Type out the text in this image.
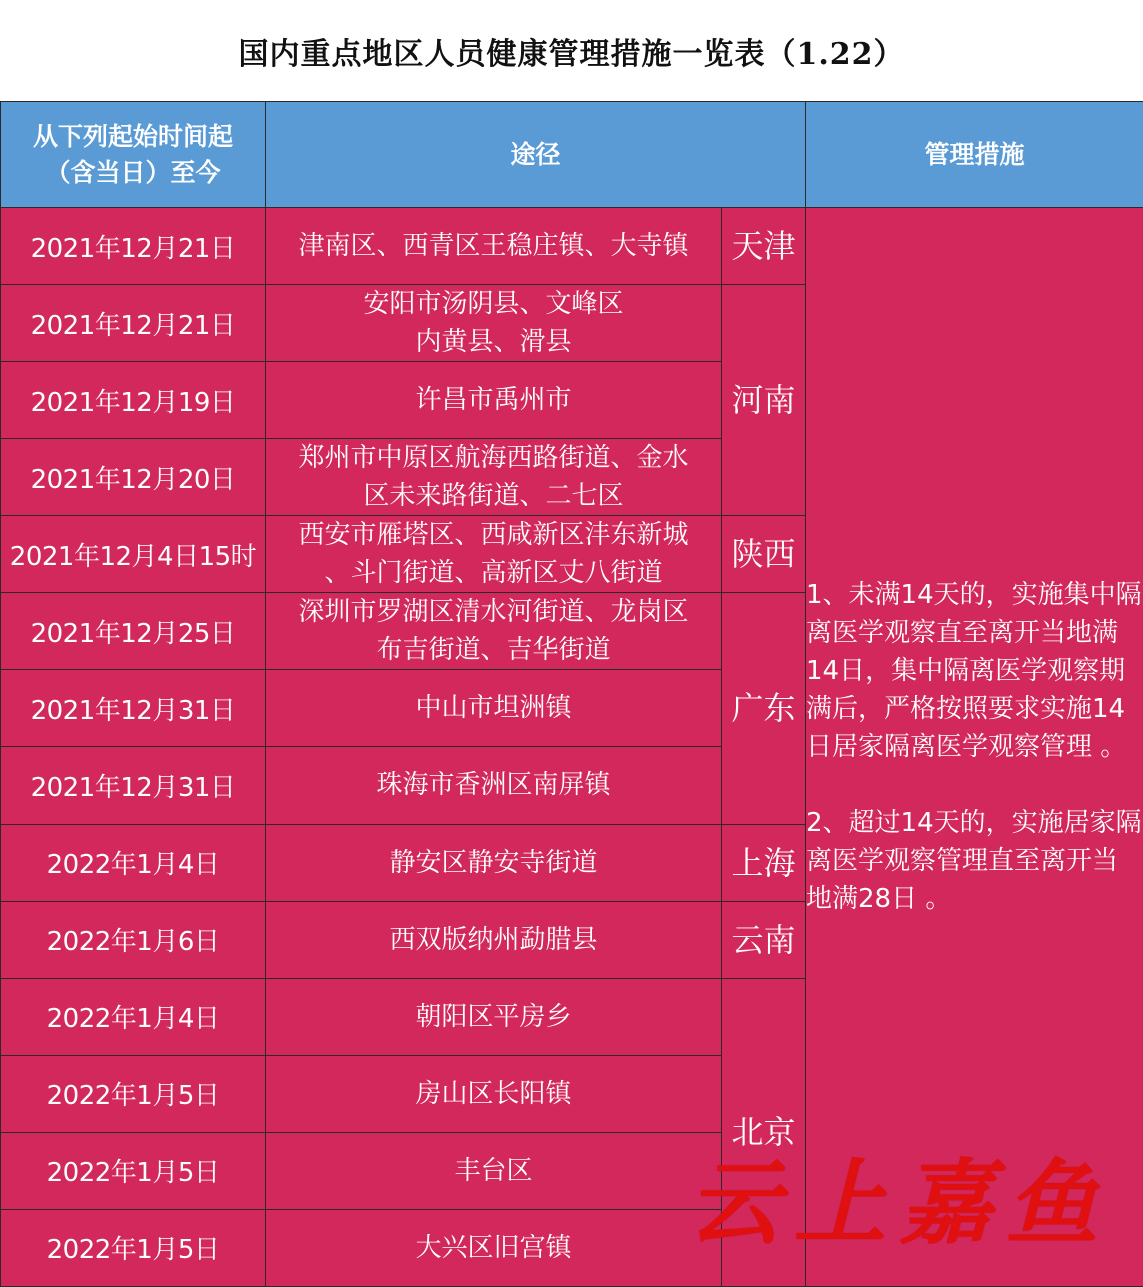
国内重点地区人员健康管理措施一览表（1.22）
从下列起始时间起
（含当日）至今	途径		管理措施
2021年12月21日	津南区、西青区王稳庄镇、大寺镇	天津	1、未满14天的，实施集中隔离医学观察直至离开当地满14日，集中隔离医学观察期满后，严格按照要求实施14日居家隔离医学观察管理 。
2、超过14天的，实施居家隔离医学观察管理直至离开当地满28日 。

2021年12月21日	安阳市汤阴县、文峰区
内黄县、滑县	河南	
2021年12月19日	许昌市禹州市		

2021年12月20日	郑州市中原区航海西路街道、金水
区未来路街道、二七区		

2021年12月4日15时	西安市雁塔区、西咸新区沣东新城
、斗门街道、高新区丈八街道	陕西	
2021年12月25日	深圳市罗湖区清水河街道、龙岗区
布吉街道、吉华街道	广东	
2021年12月31日	中山市坦洲镇		

2021年12月31日	珠海市香洲区南屏镇		

2022年1月4日	静安区静安寺街道	上海	
2022年1月6日	西双版纳州勐腊县	云南	
2022年1月4日	朝阳区平房乡	北京	
2022年1月5日	房山区长阳镇		

2022年1月5日	丰台区		

2022年1月5日	大兴区旧宫镇			云上嘉鱼
